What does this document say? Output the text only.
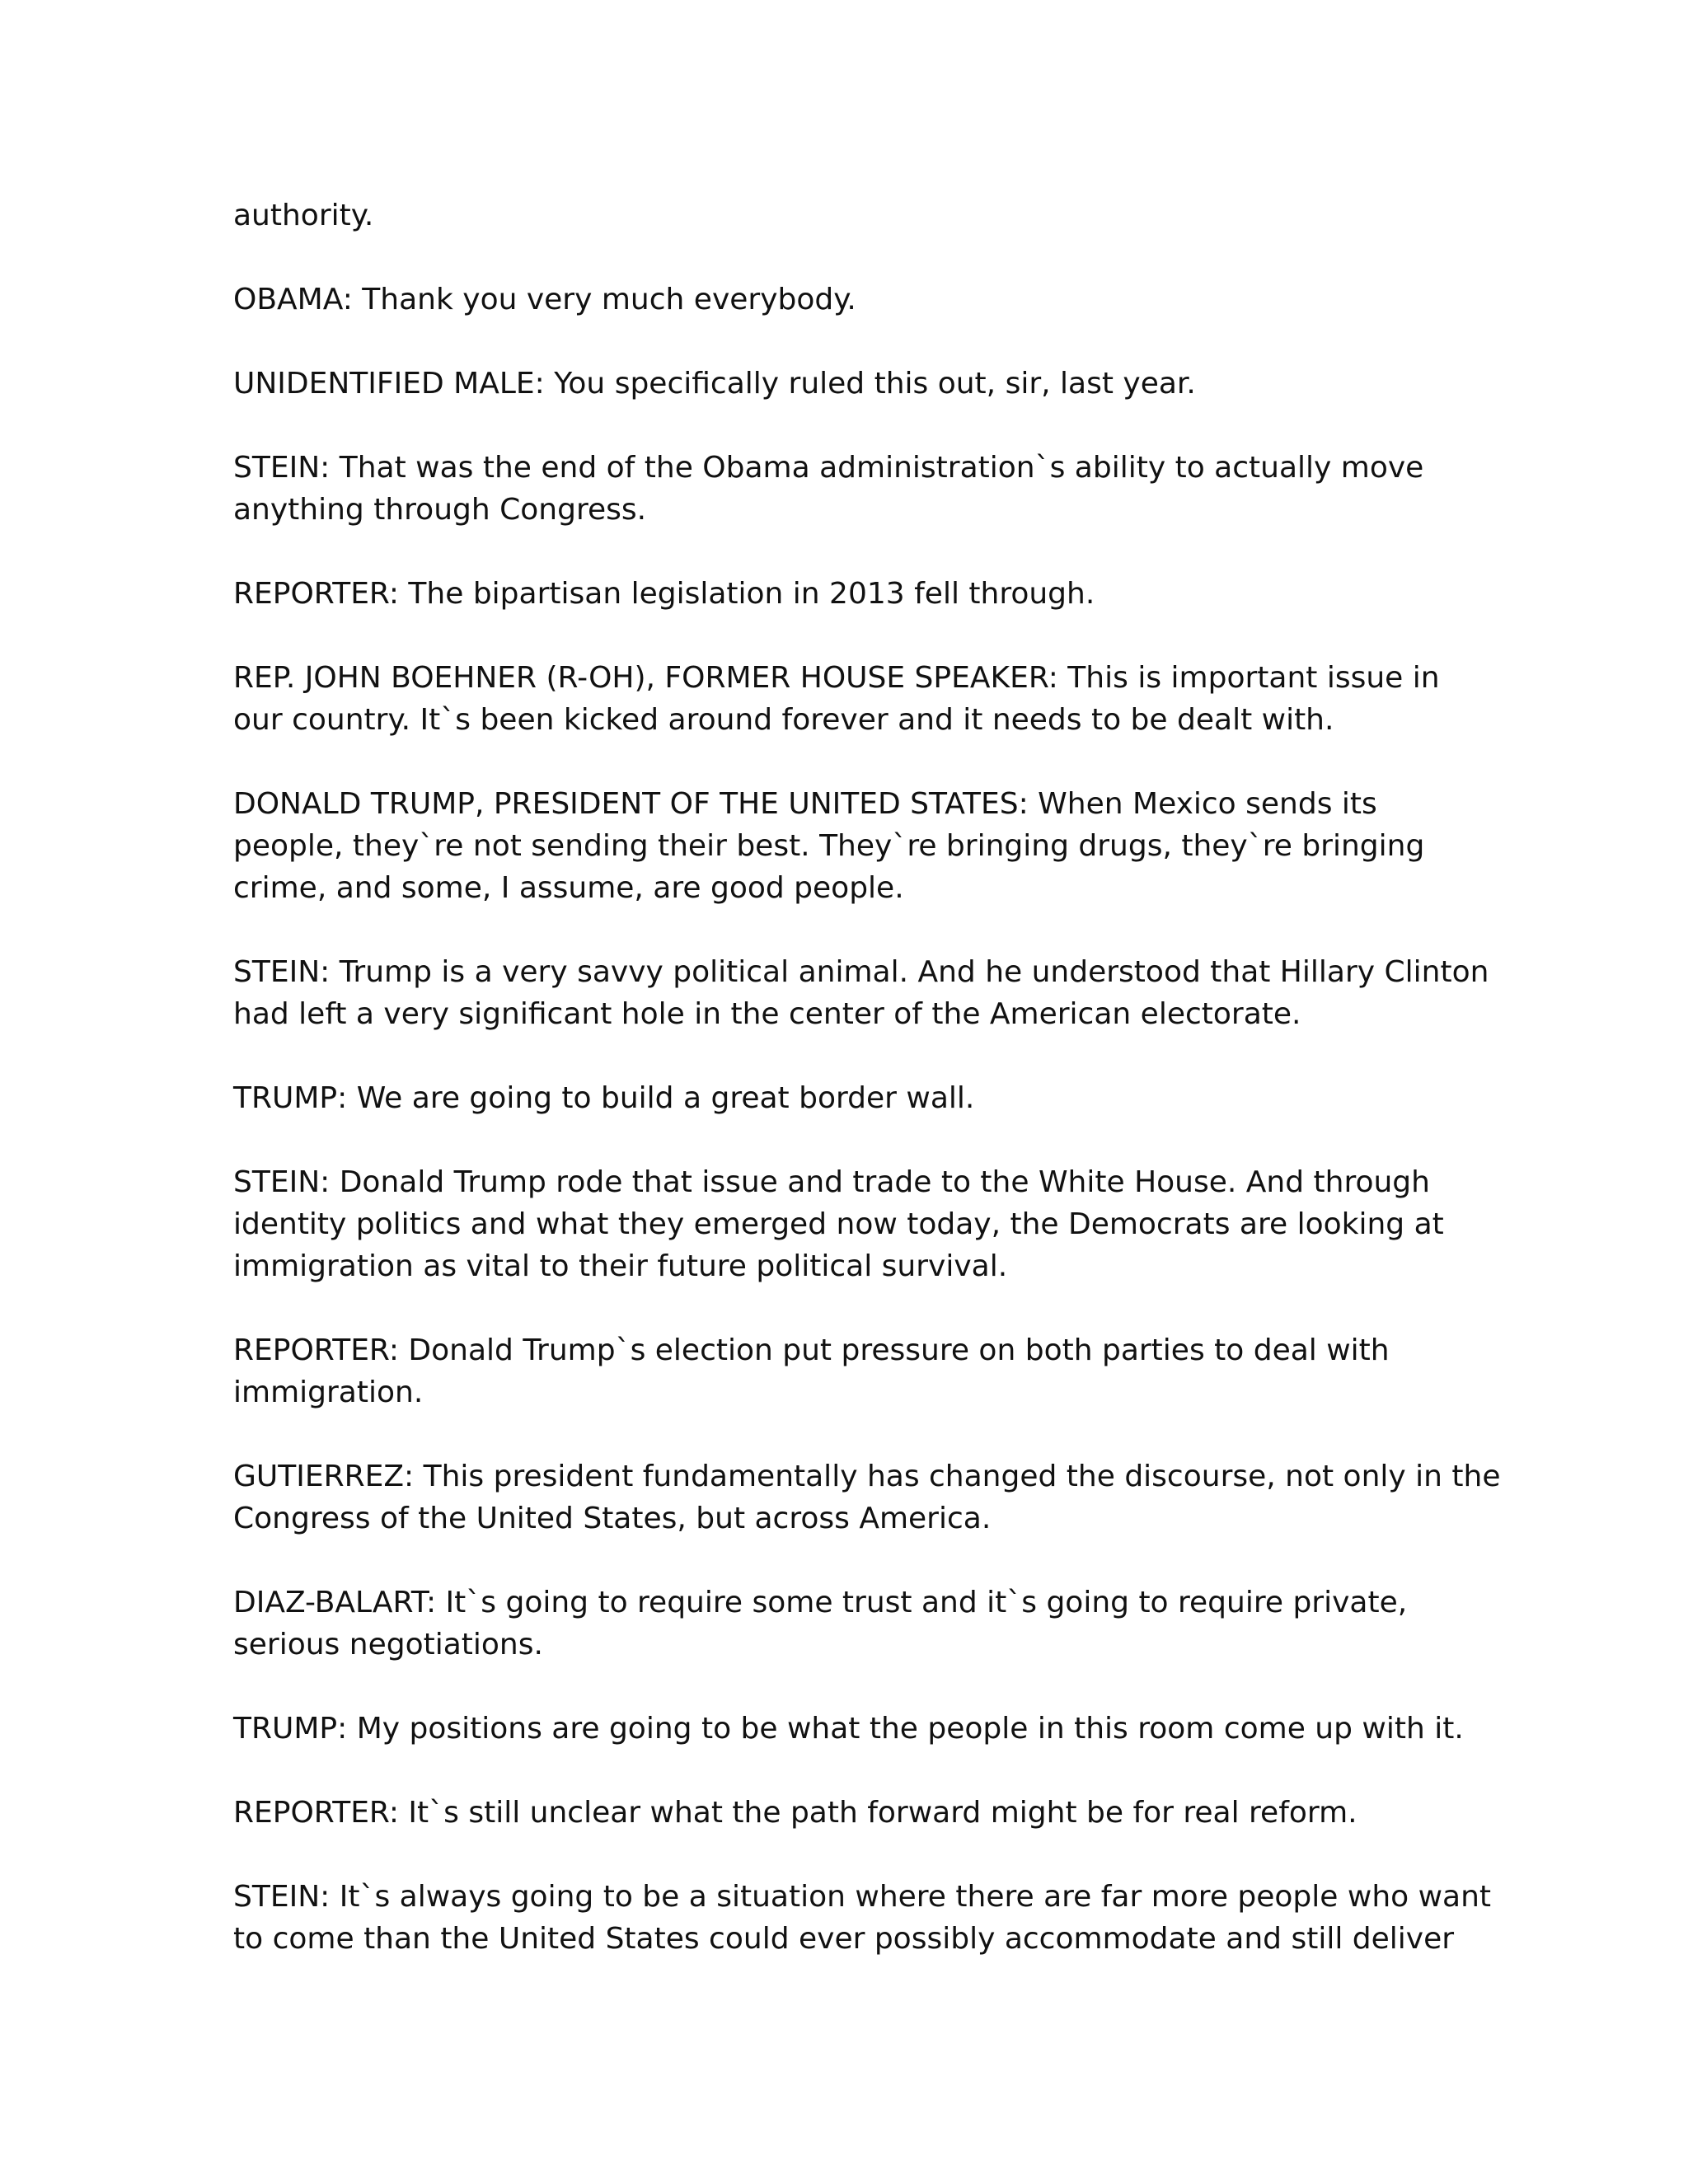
authority.
OBAMA: Thank you very much everybody.
UNIDENTIFIED MALE: You specifically ruled this out, sir, last year.
STEIN: That was the end of the Obama administration`s ability to actually move
anything through Congress.
REPORTER: The bipartisan legislation in 2013 fell through.
REP. JOHN BOEHNER (R-OH), FORMER HOUSE SPEAKER: This is important issue in
our country. It`s been kicked around forever and it needs to be dealt with.
DONALD TRUMP, PRESIDENT OF THE UNITED STATES: When Mexico sends its
people, they`re not sending their best. They`re bringing drugs, they`re bringing
crime, and some, I assume, are good people.
STEIN: Trump is a very savvy political animal. And he understood that Hillary Clinton
had left a very significant hole in the center of the American electorate.
TRUMP: We are going to build a great border wall.
STEIN: Donald Trump rode that issue and trade to the White House. And through
identity politics and what they emerged now today, the Democrats are looking at
immigration as vital to their future political survival.
REPORTER: Donald Trump`s election put pressure on both parties to deal with
immigration.
GUTIERREZ: This president fundamentally has changed the discourse, not only in the
Congress of the United States, but across America.
DIAZ-BALART: It`s going to require some trust and it`s going to require private,
serious negotiations.
TRUMP: My positions are going to be what the people in this room come up with it.
REPORTER: It`s still unclear what the path forward might be for real reform.
STEIN: It`s always going to be a situation where there are far more people who want
to come than the United States could ever possibly accommodate and still deliver
